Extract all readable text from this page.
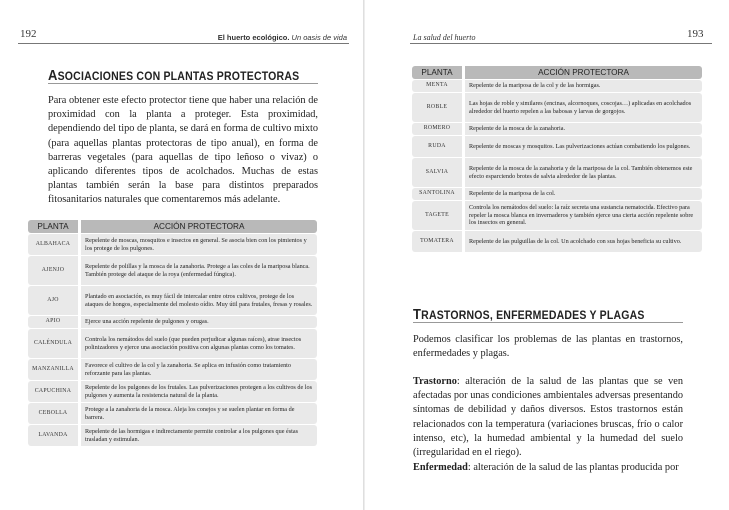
192	El huerto ecológico. Un oasis de vida
ASOCIACIONES CON PLANTAS PROTECTORAS
Para obtener este efecto protector tiene que haber una relación de proximidad con la planta a proteger. Esta proximidad, dependiendo del tipo de planta, se dará en forma de cultivo mixto (para aquellas plantas protectoras de tipo anual), en forma de barreras vegetales (para aquellas de tipo leñoso o vivaz) o aplicando diferentes tipos de acolchados. Muchas de estas plantas también serán la base para distintos preparados fitosanitarios naturales que comentaremos más adelante.
PLANTA	ACCIÓN PROTECTORA
ALBAHACA	Repelente de moscas, mosquitos e insectos en general. Se asocia bien con los pimientos y los protege de los pulgones.
AJENJO	Repelente de polillas y la mosca de la zanahoria. Protege a las coles de la mariposa blanca. También protege del ataque de la roya (enfermedad fúngica).
AJO	Plantado en asociación, es muy fácil de intercalar entre otros cultivos, protege de los ataques de hongos, especialmente del molesto oídio. Muy útil para frutales, fresas y rosales.
APIO	Ejerce una acción repelente de pulgones y orugas.
CALÉNDULA	Controla los nemátodos del suelo (que pueden perjudicar algunas raíces), atrae insectos polinizadores y ejerce una asociación positiva con algunas plantas como los tomates.
MANZANILLA	Favorece el cultivo de la col y la zanahoria. Se aplica en infusión como tratamiento reforzante para las plantas.
CAPUCHINA	Repelente de los pulgones de los frutales. Las pulverizaciones protegen a los cultivos de los pulgones y aumenta la resistencia natural de la planta.
CEBOLLA	Protege a la zanahoria de la mosca. Aleja los conejos y se suelen plantar en forma de barrera.
LAVANDA	Repelente de las hormigas e indirectamente permite controlar a los pulgones que éstas trasladan y estimulan.
La salud del huerto	193
PLANTA	ACCIÓN PROTECTORA
MENTA	Repelente de la mariposa de la col y de las hormigas.
ROBLE	Las hojas de roble y similares (encinas, alcornoques, coscojas…) aplicadas en acolchados alrededor del huerto repelen a las babosas y larvas de gorgojos.
ROMERO	Repelente de la mosca de la zanahoria.
RUDA	Repelente de moscas y mosquitos. Las pulverizaciones actúan combatiendo los pulgones.
SALVIA	Repelente de la mosca de la zanahoria y de la mariposa de la col. También obtenemos este efecto esparciendo brotes de salvia alrededor de las plantas.
SANTOLINA	Repelente de la mariposa de la col.
TAGETE	Controla los nemátodos del suelo: la raíz secreta una sustancia nematocida. Efectivo para repeler la mosca blanca en invernaderos y también ejerce una cierta acción repelente sobre los insectos en general.
TOMATERA	Repelente de las pulguillas de la col. Un acolchado con sus hojas beneficia su cultivo.
TRASTORNOS, ENFERMEDADES Y PLAGAS
Podemos clasificar los problemas de las plantas en trastornos, enfermedades y plagas.
Trastorno: alteración de la salud de las plantas que se ven afectadas por unas condiciones ambientales adversas presentando síntomas de debilidad y daños diversos. Estos trastornos están relacionados con la temperatura (variaciones bruscas, frío o calor intenso, etc), la humedad ambiental y la humedad del suelo (irregularidad en el riego).
Enfermedad: alteración de la salud de las plantas producida por
